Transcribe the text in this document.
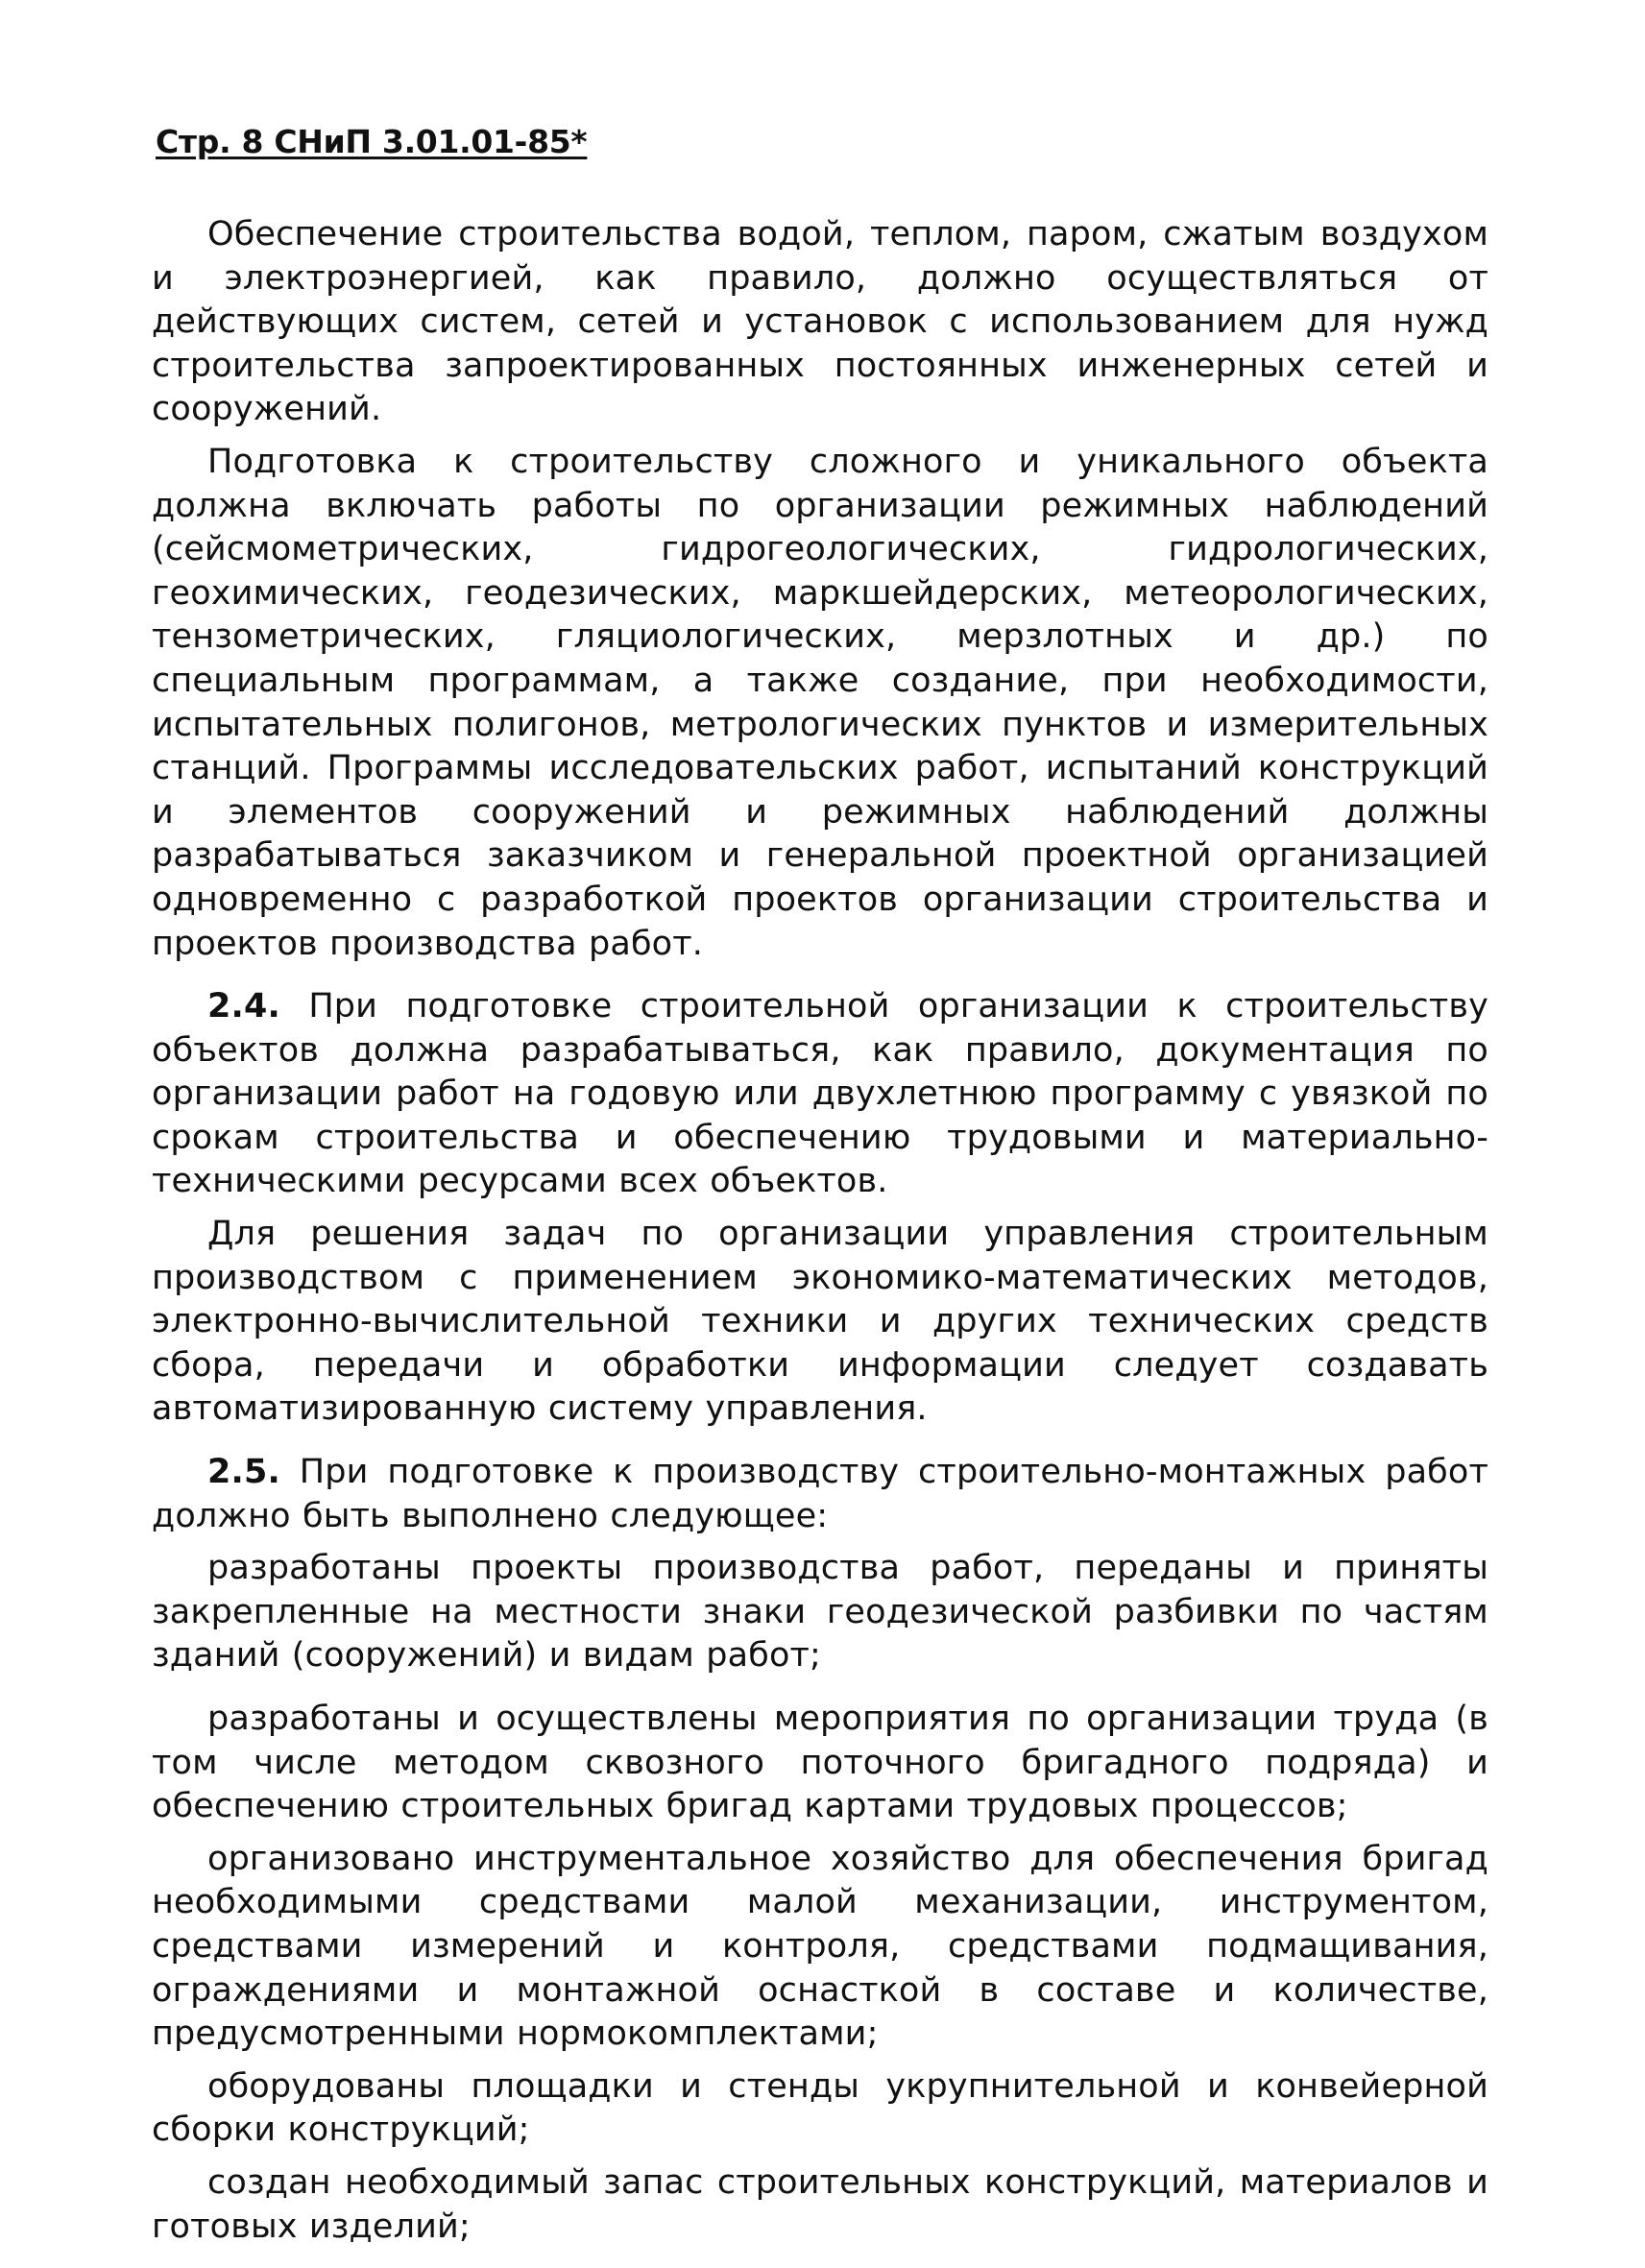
Стр. 8 СНиП 3.01.01-85*

Обеспечение строительства водой, теплом, паром, сжатым воздухом и электроэнергией, как правило, должно осуществляться от действующих систем, сетей и установок с использованием для нужд строительства запроектированных постоянных инженерных сетей и сооружений.

Подготовка к строительству сложного и уникального объекта должна включать работы по организации режимных наблюдений (сейсмометрических, гидрогеологических, гидрологических, геохимических, геодезических, маркшейдерских, метеорологических, тензометрических, гляциологических, мерзлотных и др.) по специальным программам, а также создание, при необходимости, испытательных полигонов, метрологических пунктов и измерительных станций. Программы исследовательских работ, испытаний конструкций и элементов сооружений и режимных наблюдений должны разрабатываться заказчиком и генеральной проектной организацией одновременно с разработкой проектов организации строительства и проектов производства работ.

2.4. При подготовке строительной организации к строительству объектов должна разрабатываться, как правило, документация по организации работ на годовую или двухлетнюю программу с увязкой по срокам строительства и обеспечению трудовыми и материально-техническими ресурсами всех объектов.

Для решения задач по организации управления строительным производством с применением экономико-математических методов, электронно-вычислительной техники и других технических средств сбора, передачи и обработки информации следует создавать автоматизированную систему управления.

2.5. При подготовке к производству строительно-монтажных работ должно быть выполнено следующее:

разработаны проекты производства работ, переданы и приняты закрепленные на местности знаки геодезической разбивки по частям зданий (сооружений) и видам работ;

разработаны и осуществлены мероприятия по организации труда (в том числе методом сквозного поточного бригадного подряда) и обеспечению строительных бригад картами трудовых процессов;

организовано инструментальное хозяйство для обеспечения бригад необходимыми средствами малой механизации, инструментом, средствами измерений и контроля, средствами подмащивания, ограждениями и монтажной оснасткой в составе и количестве, предусмотренными нормокомплектами;

оборудованы площадки и стенды укрупнительной и конвейерной сборки конструкций;

создан необходимый запас строительных конструкций, материалов и готовых изделий;
